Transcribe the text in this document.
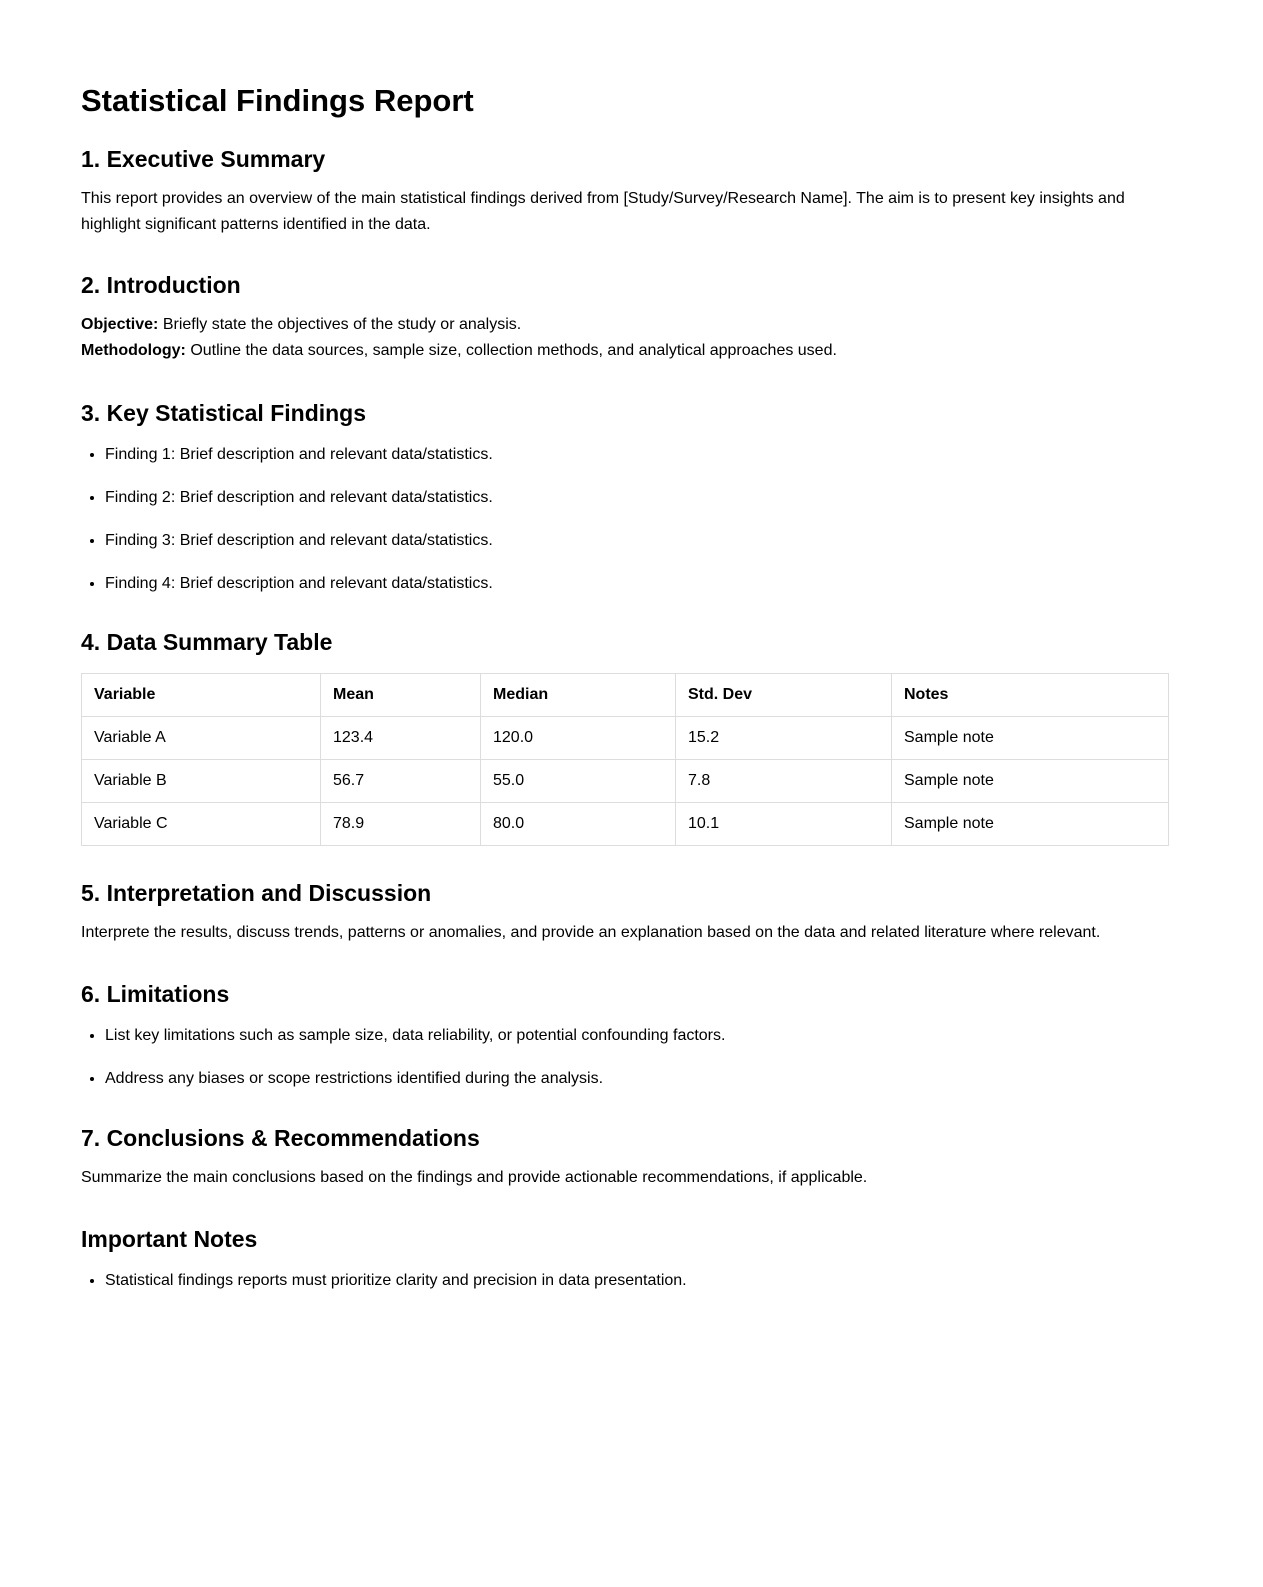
Statistical Findings Report
1. Executive Summary

This report provides an overview of the main statistical findings derived from [Study/Survey/Research Name]. The aim is to present key insights and highlight significant patterns identified in the data.

2. Introduction
Objective: Briefly state the objectives of the study or analysis.
Methodology: Outline the data sources, sample size, collection methods, and analytical approaches used.
3. Key Statistical Findings
• Finding 1: Brief description and relevant data/statistics.
• Finding 2: Brief description and relevant data/statistics.
• Finding 3: Brief description and relevant data/statistics.
• Finding 4: Brief description and relevant data/statistics.
4. Data Summary Table
Variable	Mean	Median	Std. Dev	Notes
Variable A	123.4	120.0	15.2	Sample note
Variable B	56.7	55.0	7.8	Sample note
Variable C	78.9	80.0	10.1	Sample note
5. Interpretation and Discussion

Interprete the results, discuss trends, patterns or anomalies, and provide an explanation based on the data and related literature where relevant.

6. Limitations
• List key limitations such as sample size, data reliability, or potential confounding factors.
• Address any biases or scope restrictions identified during the analysis.
7. Conclusions & Recommendations

Summarize the main conclusions based on the findings and provide actionable recommendations, if applicable.

Important Notes
• Statistical findings reports must prioritize clarity and precision in data presentation.
